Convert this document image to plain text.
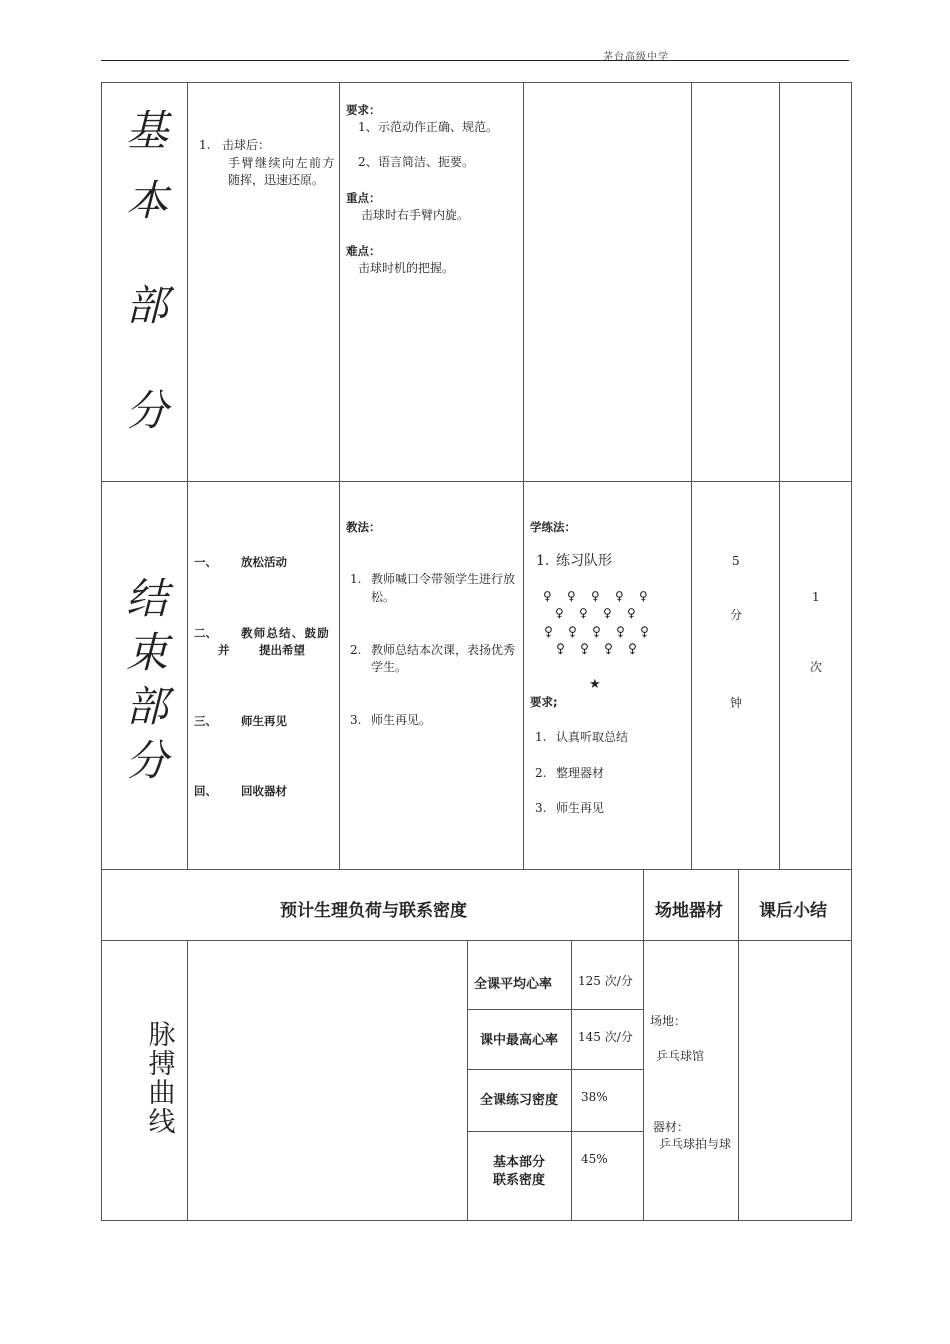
茅台高级中学
基
本
部
分
1. 击球后：
手臂继续向左前方
随挥，迅速还原。
要求：
1、 示范动作正确、规范。
2、 语言简洁、扼要。
重点：
击球时右手臂内旋。
难点：
击球时机的把握。
结
束
部
分
一、 放松活动
二、 教师总结、鼓励
并	提出希望
三、 师生再见
回、 回收器材
教法：
1. 教师喊口令带领学生进行放
松。
2. 教师总结本次课，表扬优秀
学生。
3. 师生再见。
学练法：
1. 练习队形
♀ ♀ ♀ ♀ ♀
♀ ♀ ♀ ♀
♂ ♂ ♂ ♂ ♂
♂ ♂ ♂ ♂
★
要求;
1. 认真听取总结
2. 整理器材
3. 师生再见
5
分
钟
1
次
预计生理负荷与联系密度	场地器材 课后小结
脉
搏
曲
线
全课平均心率 125 次/分
课中最高心率 145 次/分
全课练习密度 38%
基本部分
联系密度
45%
场地：
乒乓球馆
器材：
乒乓球拍与球
